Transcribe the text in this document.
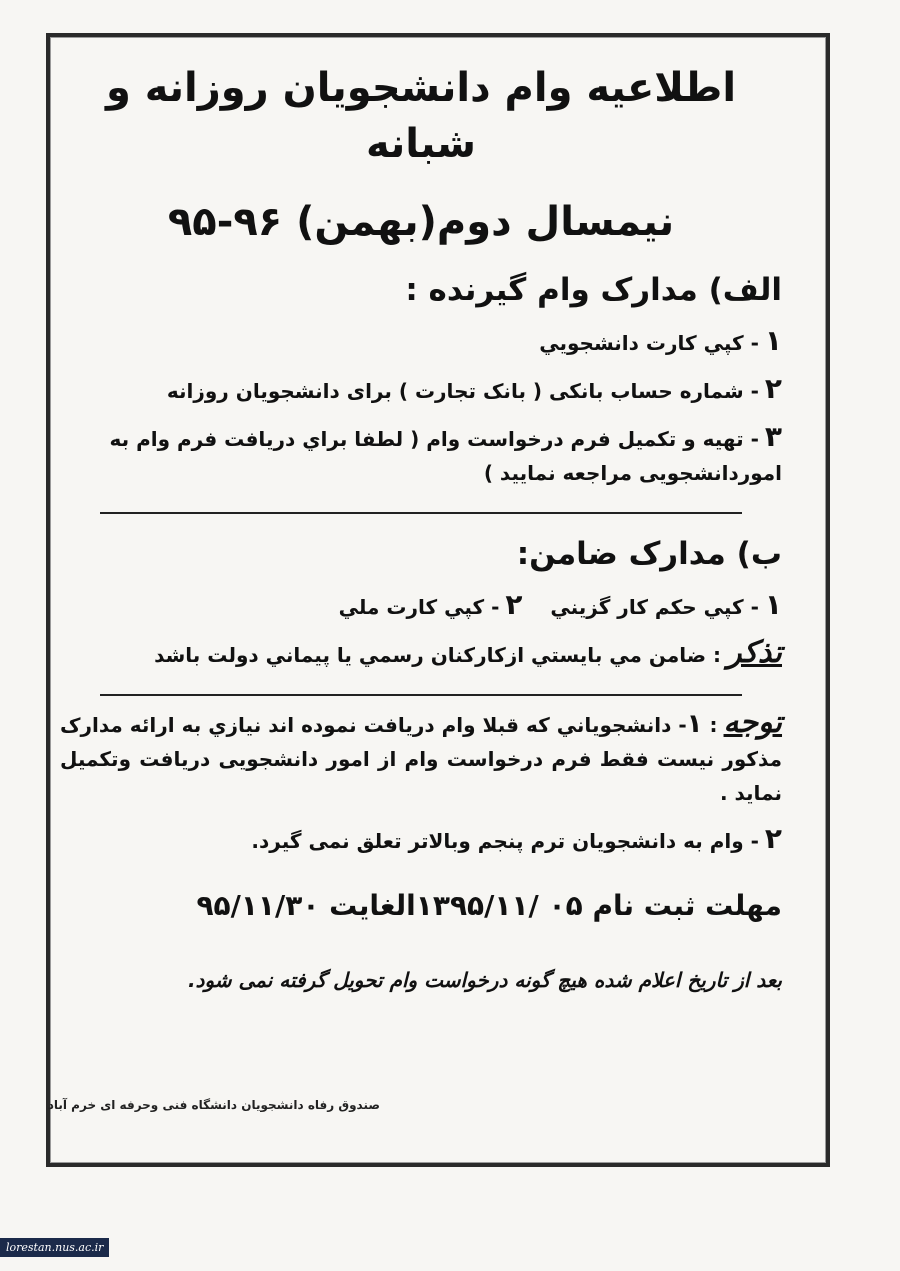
اطلاعیه وام دانشجویان روزانه و شبانه

نیمسال دوم(بهمن) ۹۶-۹۵

الف) مدارک وام گیرنده :
۱- کپي کارت دانشجويي
۲- شماره حساب بانکی ( بانک تجارت ) برای دانشجویان روزانه
۳- تهیه و تکمیل فرم درخواست وام ( لطفا براي دريافت فرم وام به اموردانشجویی مراجعه نمایید )
ب) مدارک ضامن:
۱- کپي حکم کار گزيني    ۲- کپي کارت ملي
تذکر: ضامن مي بايستي ازکارکنان رسمي يا پيماني دولت باشد
توجه: ۱- دانشجوياني که قبلا وام دريافت نموده اند نيازي به ارائه مدارک مذکور نیست فقط فرم درخواست وام از امور دانشجویی دریافت وتکمیل نماید .
۲- وام به دانشجويان ترم پنجم وبالاتر تعلق نمی گیرد.
مهلت ثبت نام ۰۵ /۱۳۹۵/۱۱الغایت ۹۵/۱۱/۳۰
بعد از تاریخ اعلام شده هیچ گونه درخواست وام تحویل گرفته نمی شود.
صندوق رفاه دانشجویان دانشگاه فنی وحرفه ای خرم آباد
lorestan.nus.ac.ir
